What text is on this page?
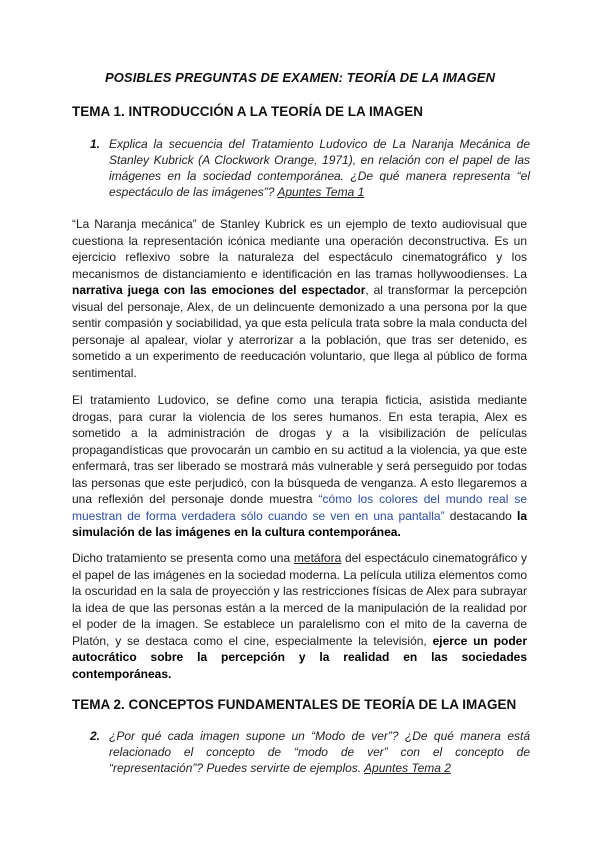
POSIBLES PREGUNTAS DE EXAMEN: TEORÍA DE LA IMAGEN
TEMA 1. INTRODUCCIÓN A LA TEORÍA DE LA IMAGEN
1. Explica la secuencia del Tratamiento Ludovico de La Naranja Mecánica de Stanley Kubrick (A Clockwork Orange, 1971), en relación con el papel de las imágenes en la sociedad contemporánea. ¿De qué manera representa “el espectáculo de las imágenes”? Apuntes Tema 1
“La Naranja mecánica” de Stanley Kubrick es un ejemplo de texto audiovisual que cuestiona la representación icónica mediante una operación deconstructiva. Es un ejercicio reflexivo sobre la naturaleza del espectáculo cinematográfico y los mecanismos de distanciamiento e identificación en las tramas hollywoodienses. La narrativa juega con las emociones del espectador, al transformar la percepción visual del personaje, Alex, de un delincuente demonizado a una persona por la que sentir compasión y sociabilidad, ya que esta película trata sobre la mala conducta del personaje al apalear, violar y aterrorizar a la población, que tras ser detenido, es sometido a un experimento de reeducación voluntario, que llega al público de forma sentimental.
El tratamiento Ludovico, se define como una terapia ficticia, asistida mediante drogas, para curar la violencia de los seres humanos. En esta terapia, Alex es sometido a la administración de drogas y a la visibilización de películas propagandísticas que provocarán un cambio en su actitud a la violencia, ya que este enfermará, tras ser liberado se mostrará más vulnerable y será perseguido por todas las personas que este perjudicó, con la búsqueda de venganza. A esto llegaremos a una reflexión del personaje donde muestra “cómo los colores del mundo real se muestran de forma verdadera sólo cuando se ven en una pantalla” destacando la simulación de las imágenes en la cultura contemporánea.
Dicho tratamiento se presenta como una metáfora del espectáculo cinematográfico y el papel de las imágenes en la sociedad moderna. La película utiliza elementos como la oscuridad en la sala de proyección y las restricciones físicas de Alex para subrayar la idea de que las personas están a la merced de la manipulación de la realidad por el poder de la imagen. Se establece un paralelismo con el mito de la caverna de Platón, y se destaca como el cine, especialmente la televisión, ejerce un poder autocrático sobre la percepción y la realidad en las sociedades contemporáneas.
TEMA 2. CONCEPTOS FUNDAMENTALES DE TEORÍA DE LA IMAGEN
2. ¿Por qué cada imagen supone un “Modo de ver”? ¿De qué manera está relacionado el concepto de “modo de ver” con el concepto de “representación”? Puedes servirte de ejemplos. Apuntes Tema 2
